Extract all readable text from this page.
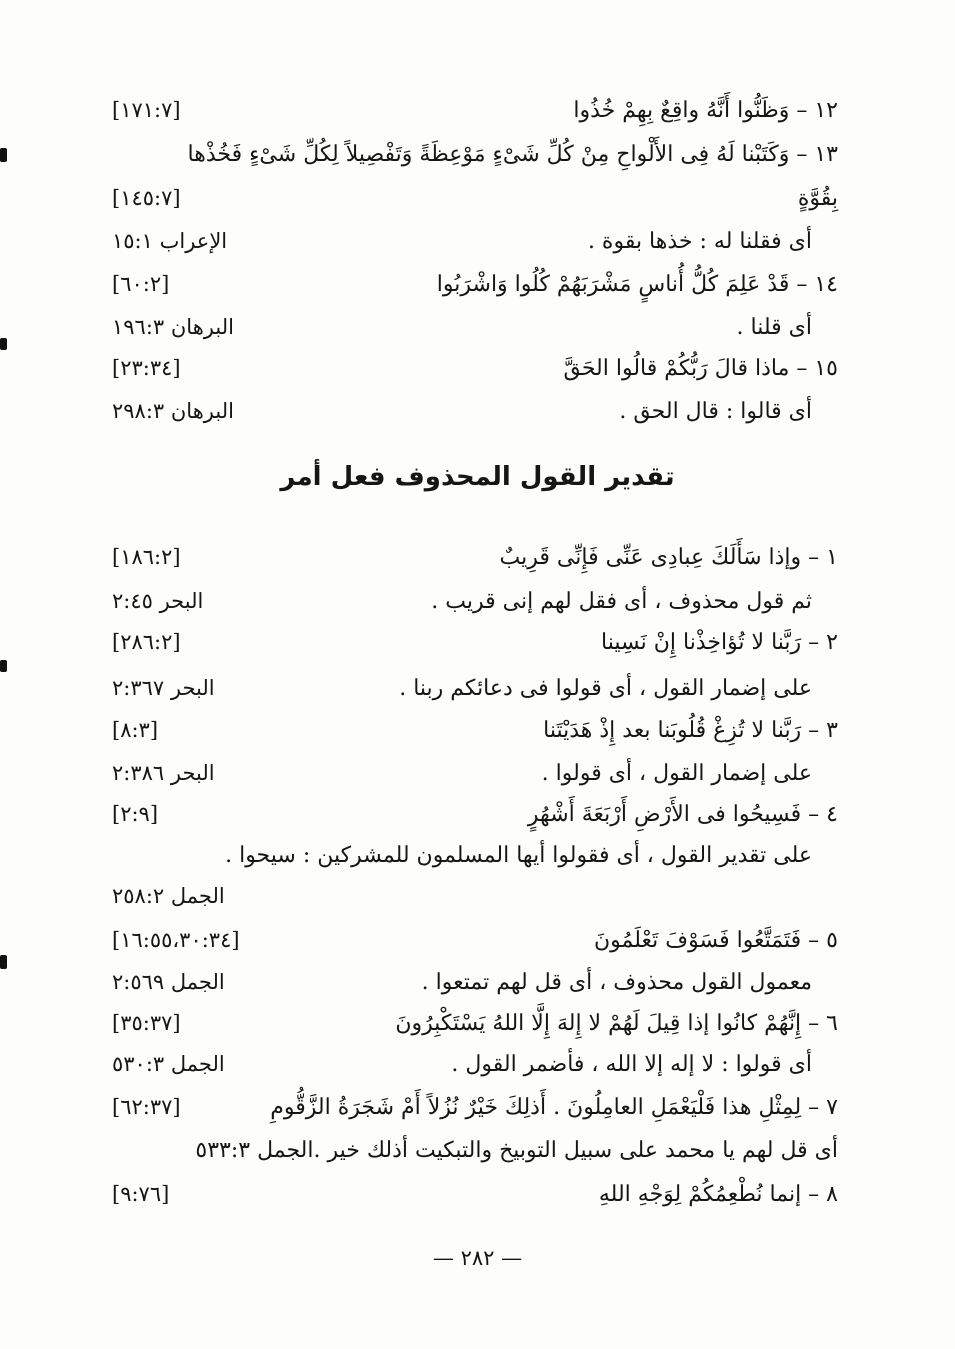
١٢ – وَظَنُّوا أَنَّهُ واقِعٌ بِهِمْ خُذُوا
[١٧١:٧]
١٣ – وَكَتَبْنا لَهُ فِى الأَلْواحِ مِنْ كُلِّ شَىْءٍ مَوْعِظَةً وَتَفْصِيلاً لِكُلِّ شَىْءٍ فَخُذْها
بِقُوَّةٍ
[١٤٥:٧]
أى فقلنا له : خذها بقوة .
الإعراب ١٥:١
١٤ – قَدْ عَلِمَ كُلُّ أُناسٍ مَشْرَبَهُمْ كُلُوا وَاشْرَبُوا
[٦٠:٢]
أى قلنا .
البرهان ١٩٦:٣
١٥ – ماذا قالَ رَبُّكُمْ قالُوا الحَقَّ
[٢٣:٣٤]
أى قالوا : قال الحق .
البرهان ٢٩٨:٣
تقدير القول المحذوف فعل أمر
١ – وإذا سَأَلَكَ عِبادِى عَنِّى فَإِنِّى قَرِيبٌ
[١٨٦:٢]
ثم قول محذوف ، أى فقل لهم إنى قريب .
البحر ٢:٤٥
٢ – رَبَّنا لا تُؤاخِذْنا إِنْ نَسِينا
[٢٨٦:٢]
على إضمار القول ، أى قولوا فى دعائكم ربنا .
البحر ٢:٣٦٧
٣ – رَبَّنا لا تُزِغْ قُلُوبَنا بعد إِذْ هَدَيْتَنا
[٨:٣]
على إضمار القول ، أى قولوا .
البحر ٢:٣٨٦
٤ – فَسِيحُوا فى الأَرْضِ أَرْبَعَةَ أَشْهُرٍ
[٢:٩]
على تقدير القول ، أى فقولوا أيها المسلمون للمشركين : سيحوا .
الجمل ٢٥٨:٢
٥ – فَتَمَتَّعُوا فَسَوْفَ تَعْلَمُونَ
[١٦:٥٥،٣٠:٣٤]
معمول القول محذوف ، أى قل لهم تمتعوا .
الجمل ٢:٥٦٩
٦ – إِنَّهُمْ كانُوا إذا قِيلَ لَهُمْ لا إِلهَ إِلَّا اللهُ يَسْتَكْبِرُونَ
[٣٥:٣٧]
أى قولوا : لا إله إلا الله ، فأضمر القول .
الجمل ٥٣٠:٣
٧ – لِمِثْلِ هذا فَلْيَعْمَلِ العامِلُونَ . أَذلِكَ خَيْرٌ نُزُلاً أَمْ شَجَرَةُ الزَّقُّومِ
[٦٢:٣٧]
أى قل لهم يا محمد على سبيل التوبيخ والتبكيت أذلك خير .الجمل ٥٣٣:٣
٨ – إنما نُطْعِمُكُمْ لِوَجْهِ اللهِ
[٩:٧٦]
— ٢٨٢ —
